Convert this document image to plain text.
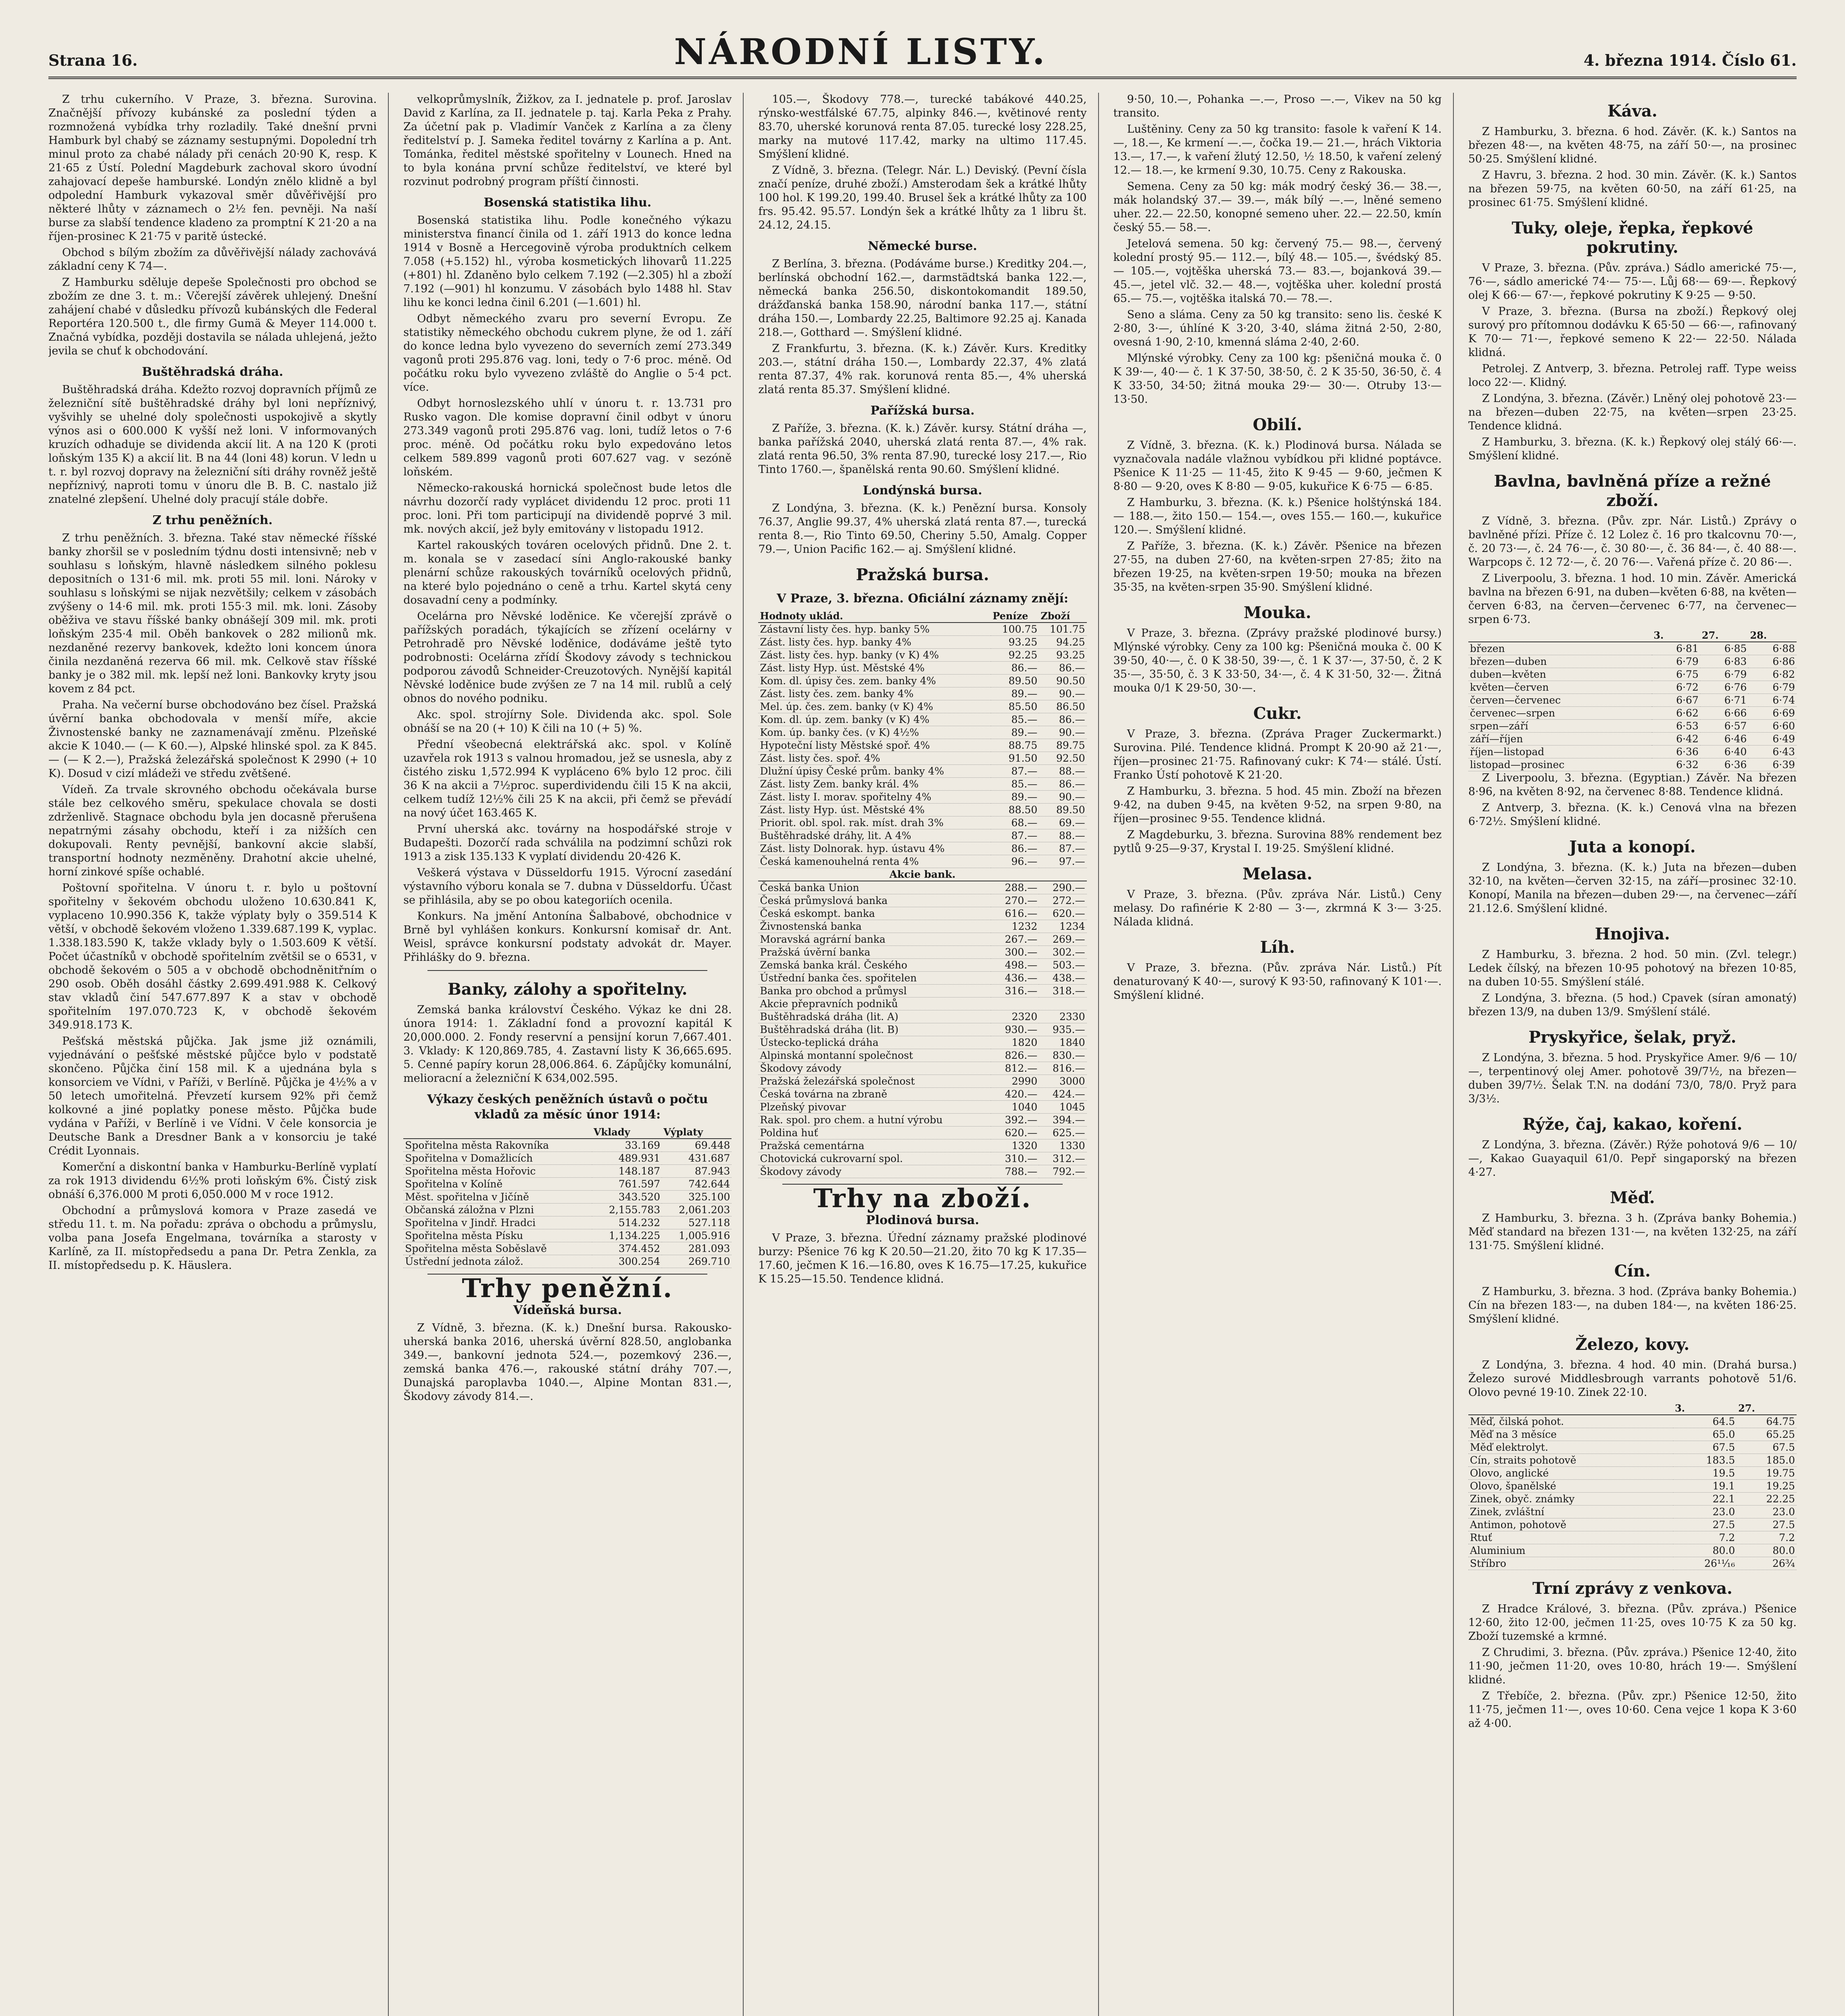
Strana 16.	NÁRODNÍ LISTY.	4. března 1914. Číslo 61.

Z trhu cukerního. V Praze, 3. března. Surovina. Značnější přívozy kubánské za poslední týden a rozmnožená vybídka trhy rozladily. Také dnešní prvni Hamburk byl chabý se záznamy sestupnými. Dopolední trh minul proto za chabé nálady při cenách 20·90 K, resp. K 21·65 z Ústí. Polední Magdeburk zachoval skoro úvodní zahajovací depeše hamburské. Londýn znělo klidně a byl odpolední Hamburk vykazoval směr důvěřivější pro některé lhůty v záznamech o 2½ fen. pevněji. Na naší burse za slabší tendence kladeno za promptní K 21·20 a na říjen-prosinec K 21·75 v paritě ústecké.

Obchod s bílým zbožím za důvěřivější nálady zachovává základní ceny K 74—.

Z Hamburku sděluje depeše Společnosti pro obchod se zbožím ze dne 3. t. m.: Včerejší závěrek uhlejený. Dnešní zahájení chabé v důsledku přívozů kubánských dle Federal Reportéra 120.500 t., dle firmy Gumä & Meyer 114.000 t. Značná vybídka, později dostavila se nálada uhlejená, ježto jevila se chuť k obchodování.

Buštěhradská dráha.

Buštěhradská dráha. Kdežto rozvoj dopravních příjmů ze železniční sítě buštěhradské dráhy byl loni nepříznivý, vyšvihly se uhelné doly společnosti uspokojivě a skytly výnos asi o 600.000 K vyšší než loni. V informovaných kruzích odhaduje se dividenda akcií lit. A na 120 K (proti loňským 135 K) a akcií lit. B na 44 (loni 48) korun. V ledn u t. r. byl rozvoj dopravy na železniční síti dráhy rovněž ještě nepříznivý, naproti tomu v únoru dle B. B. C. nastalo již znatelné zlepšení. Uhelné doly pracují stále dobře.

Z trhu peněžních.

Z trhu peněžních. 3. března. Také stav německé říšské banky zhoršil se v posledním týdnu dosti intensivně; neb v souhlasu s loňským, hlavně následkem silného poklesu depositních o 131·6 mil. mk. proti 55 mil. loni. Nároky v souhlasu s loňskými se nijak nezvětšily; celkem v zásobách zvýšeny o 14·6 mil. mk. proti 155·3 mil. mk. loni. Zásoby oběživa ve stavu říšské banky obnášejí 309 mil. mk. proti loňským 235·4 mil. Oběh bankovek o 282 milionů mk. nezdaněné rezervy bankovek, kdežto loni koncem února činila nezdaněná rezerva 66 mil. mk. Celkově stav říšské banky je o 382 mil. mk. lepší než loni. Bankovky kryty jsou kovem z 84 pct.

Praha. Na večerní burse obchodováno bez čísel. Pražská úvěrní banka obchodovala v menší míře, akcie Živnostenské banky ne zaznamenávají změnu. Plzeňské akcie K 1040.— (— K 60.—), Alpské hlinské spol. za K 845.— (— K 2.—), Pražská železářská společnost K 2990 (+ 10 K). Dosud v cizí mládeži ve středu zvětšené.

Vídeň. Za trvale skrovného obchodu očekávala burse stále bez celkového směru, spekulace chovala se dosti zdrženlivě. Stagnace obchodu byla jen docasně přerušena nepatrnými zásahy obchodu, kteří i za nižších cen dokupovali. Renty pevnější, bankovní akcie slabší, transportní hodnoty nezměněny. Drahotní akcie uhelné, horní zinkové spíše ochablé.

Poštovní spořitelna. V únoru t. r. bylo u poštovní spořitelny v šekovém obchodu uloženo 10.630.841 K, vyplaceno 10.990.356 K, takže výplaty byly o 359.514 K větší, v obchodě šekovém vloženo 1.339.687.199 K, vyplac. 1.338.183.590 K, takže vklady byly o 1.503.609 K větší. Počet účastníků v obchodě spořitelním zvětšil se o 6531, v obchodě šekovém o 505 a v obchodě obchodněnitřním o 290 osob. Oběh dosáhl částky 2.699.491.988 K. Celkový stav vkladů činí 547.677.897 K a stav v obchodě spořitelním 197.070.723 K, v obchodě šekovém 349.918.173 K.

Pešťská městská půjčka. Jak jsme již oznámili, vyjednávání o pešťské městské půjčce bylo v podstatě skončeno. Půjčka činí 158 mil. K a ujednána byla s konsorciem ve Vídni, v Paříži, v Berlíně. Půjčka je 4½% a v 50 letech umořitelná. Převzetí kursem 92% při čemž kolkovné a jiné poplatky ponese město. Půjčka bude vydána v Paříži, v Berlíně i ve Vídni. V čele konsorcia je Deutsche Bank a Dresdner Bank a v konsorciu je také Crédit Lyonnais.

Komerční a diskontní banka v Hamburku-Berlíně vyplatí za rok 1913 dividendu 6½% proti loňským 6%. Čistý zisk obnáší 6,376.000 M proti 6,050.000 M v roce 1912.

Obchodní a průmyslová komora v Praze zasedá ve středu 11. t. m. Na pořadu: zpráva o obchodu a průmyslu, volba pana Josefa Engelmana, továrníka a starosty v Karlíně, za II. místopředsedu a pana Dr. Petra Zenkla, za II. místopředsedu p. K. Häuslera.

velkoprůmyslník, Žižkov, za I. jednatele p. prof. Jaroslav David z Karlína, za II. jednatele p. taj. Karla Peka z Prahy. Za účetní pak p. Vladimír Vanček z Karlína a za členy ředitelství p. J. Sameka ředitel továrny z Karlína a p. Ant. Tománka, ředitel městské spořitelny v Lounech. Hned na to byla konána první schůze ředitelství, ve které byl rozvinut podrobný program příští činnosti.

Bosenská statistika lihu.

Bosenská statistika lihu. Podle konečného výkazu ministerstva financí činila od 1. září 1913 do konce ledna 1914 v Bosně a Hercegovině výroba produktních celkem 7.058 (+5.152) hl., výroba kosmetických lihovarů 11.225 (+801) hl. Zdaněno bylo celkem 7.192 (—2.305) hl a zboží 7.192 (—901) hl konzumu. V zásobách bylo 1488 hl. Stav lihu ke konci ledna činil 6.201 (—1.601) hl.

Odbyt německého zvaru pro severní Evropu. Ze statistiky německého obchodu cukrem plyne, že od 1. září do konce ledna bylo vyvezeno do severních zemí 273.349 vagonů proti 295.876 vag. loni, tedy o 7·6 proc. méně. Od počátku roku bylo vyvezeno zvláště do Anglie o 5·4 pct. více.

Odbyt hornoslezského uhlí v únoru t. r. 13.731 pro Rusko vagon. Dle komise dopravní činil odbyt v únoru 273.349 vagonů proti 295.876 vag. loni, tudíž letos o 7·6 proc. méně. Od počátku roku bylo expedováno letos celkem 589.899 vagonů proti 607.627 vag. v sezóně loňském.

Německo-rakouská hornická společnost bude letos dle návrhu dozorčí rady vyplácet dividendu 12 proc. proti 11 proc. loni. Při tom participují na dividendě poprvé 3 mil. mk. nových akcií, jež byly emitovány v listopadu 1912.

Kartel rakouských továren ocelových přidnů. Dne 2. t. m. konala se v zasedací síni Anglo-rakouské banky plenární schůze rakouských továrníků ocelových přidnů, na které bylo pojednáno o ceně a trhu. Kartel skytá ceny dosavadní ceny a podmínky.

Ocelárna pro Něvské loděnice. Ke včerejší zprávě o pařížských poradách, týkajících se zřízení ocelárny v Petrohradě pro Něvské loděnice, dodáváme ještě tyto podrobnosti: Ocelárna zřídí Škodovy závody s technickou podporou závodů Schneider-Creuzotových. Nynější kapitál Něvské loděnice bude zvýšen ze 7 na 14 mil. rublů a celý obnos do nového podniku.

Akc. spol. strojírny Sole. Dividenda akc. spol. Sole obnáší se na 20 (+ 10) K čili na 10 (+ 5) %.

Přední všeobecná elektrářská akc. spol. v Kolíně uzavřela rok 1913 s valnou hromadou, jež se usnesla, aby z čistého zisku 1,572.994 K vypláceno 6% bylo 12 proc. čili 36 K na akcii a 7½proc. superdividendu čili 15 K na akcii, celkem tudíž 12½% čili 25 K na akcii, při čemž se převádí na nový účet 163.465 K.

První uherská akc. továrny na hospodářské stroje v Budapešti. Dozorčí rada schválila na podzimní schůzi rok 1913 a zisk 135.133 K vyplatí dividendu 20·426 K.

Veškerá výstava v Düsseldorfu 1915. Výrocní zasedání výstavního výboru konala se 7. dubna v Düsseldorfu. Účast se přihlásila, aby se po obou kategoriích ocenila.

Konkurs. Na jmění Antonína Šalbabové, obchodnice v Brně byl vyhlášen konkurs. Konkursní komisař dr. Ant. Weisl, správce konkursní podstaty advokát dr. Mayer. Přihlášky do 9. března.

Banky, zálohy a spořitelny.

Zemská banka království Českého. Výkaz ke dni 28. února 1914: 1. Základní fond a provozní kapitál K 20,000.000. 2. Fondy reservní a pensijní korun 7,667.401. 3. Vklady: K 120,869.785, 4. Zastavní listy K 36,665.695. 5. Cenné papíry korun 28,006.864. 6. Zápůjčky komunální, melioracní a železniční K 634,002.595.

Výkazy českých peněžních ústavů o počtu vkladů za měsíc únor 1914:
	Vklady	Výplaty
Spořitelna města Rakovníka	33.169	69.448
Spořitelna v Domažlicích	489.931	431.687
Spořitelna města Hořovic	148.187	87.943
Spořitelna v Kolíně	761.597	742.644
Měst. spořitelna v Jičíně	343.520	325.100
Občanská záložna v Plzni	2,155.783	2,061.203
Spořitelna v Jindř. Hradci	514.232	527.118
Spořitelna města Písku	1,134.225	1,005.916
Spořitelna města Soběslavě	374.452	281.093
Ústřední jednota zálož.	300.254	269.710
Trhy peněžní.
Vídeňská bursa.

Z Vídně, 3. března. (K. k.) Dnešní bursa. Rakousko-uherská banka 2016, uherská úvěrní 828.50, anglobanka 349.—, bankovní jednota 524.—, pozemkový 236.—, zemská banka 476.—, rakouské státní dráhy 707.—, Dunajská paroplavba 1040.—, Alpine Montan 831.—, Škodovy závody 814.—.

105.—, Škodovy 778.—, turecké tabákové 440.25, rýnsko-westfálské 67.75, alpinky 846.—, květinové renty 83.70, uherské korunová renta 87.05. turecké losy 228.25, marky na mutové 117.42, marky na ultimo 117.45. Smýšlení klidné.

Z Vídně, 3. března. (Telegr. Nár. L.) Deviský. (Pevní čísla značí peníze, druhé zboží.) Amsterodam šek a krátké lhůty 100 hol. K 199.20, 199.40. Brusel šek a krátké lhůty za 100 frs. 95.42. 95.57. Londýn šek a krátké lhůty za 1 libru št. 24.12, 24.15.

Německé burse.

Z Berlína, 3. března. (Podáváme burse.) Kreditky 204.—, berlínská obchodní 162.—, darmstädtská banka 122.—, německá banka 256.50, diskontokomandit 189.50, drážďanská banka 158.90, národní banka 117.—, státní dráha 150.—, Lombardy 22.25, Baltimore 92.25 aj. Kanada 218.—, Gotthard —. Smýšlení klidné.

Z Frankfurtu, 3. března. (K. k.) Závěr. Kurs. Kreditky 203.—, státní dráha 150.—, Lombardy 22.37, 4% zlatá renta 87.37, 4% rak. korunová renta 85.—, 4% uherská zlatá renta 85.37. Smýšlení klidné.

Pařížská bursa.

Z Paříže, 3. března. (K. k.) Závěr. kursy. Státní dráha —, banka pařížská 2040, uherská zlatá renta 87.—, 4% rak. zlatá renta 96.50, 3% renta 87.90, turecké losy 217.—, Rio Tinto 1760.—, španělská renta 90.60. Smýšlení klidné.

Londýnská bursa.

Z Londýna, 3. března. (K. k.) Penězní bursa. Konsoly 76.37, Anglie 99.37, 4% uherská zlatá renta 87.—, turecká renta 8.—, Rio Tinto 69.50, Cheriny 5.50, Amalg. Copper 79.—, Union Pacific 162.— aj. Smýšlení klidné.

Pražská bursa.
V Praze, 3. března. Oficiální záznamy znějí:
Hodnoty uklád.	Peníze	Zboží
Zástavní listy čes. hyp. banky 5%	100.75	101.75
Zást. listy čes. hyp. banky 4%	93.25	94.25
Zást. listy čes. hyp. banky (v K) 4%	92.25	93.25
Zást. listy Hyp. úst. Městské 4%	86.—	86.—
Kom. dl. úpisy čes. zem. banky 4%	89.50	90.50
Zást. listy čes. zem. banky 4%	89.—	90.—
Mel. úp. čes. zem. banky (v K) 4%	85.50	86.50
Kom. dl. úp. zem. banky (v K) 4%	85.—	86.—
Kom. úp. banky čes. (v K) 4½%	89.—	90.—
Hypoteční listy Městské spoř. 4%	88.75	89.75
Zást. listy čes. spoř. 4%	91.50	92.50
Dlužní úpisy České prům. banky 4%	87.—	88.—
Zást. listy Zem. banky král. 4%	85.—	86.—
Zást. listy I. morav. spořitelny 4%	89.—	90.—
Zást. listy Hyp. úst. Městské 4%	88.50	89.50
Priorit. obl. spol. rak. míst. drah 3%	68.—	69.—
Buštěhradské dráhy, lit. A 4%	87.—	88.—
Zást. listy Dolnorak. hyp. ústavu 4%	86.—	87.—
Česká kamenouhelná renta 4%	96.—	97.—
Akcie bank.		
Česká banka Union	288.—	290.—
Česká průmyslová banka	270.—	272.—
Česká eskompt. banka	616.—	620.—
Živnostenská banka	1232	1234
Moravská agrární banka	267.—	269.—
Pražská úvěrní banka	300.—	302.—
Zemská banka král. Českého	498.—	503.—
Ústřední banka čes. spořitelen	436.—	438.—
Banka pro obchod a průmysl	316.—	318.—
Akcie přepravních podniků		
Buštěhradská dráha (lit. A)	2320	2330
Buštěhradská dráha (lit. B)	930.—	935.—
Ústecko-teplická dráha	1820	1840
Alpinská montanní společnost	826.—	830.—
Škodovy závody	812.—	816.—
Pražská železářská společnost	2990	3000
Česká továrna na zbraně	420.—	424.—
Plzeňský pivovar	1040	1045
Rak. spol. pro chem. a hutní výrobu	392.—	394.—
Poldina huť	620.—	625.—
Pražská cementárna	1320	1330
Chotovická cukrovarní spol.	310.—	312.—
Škodovy závody	788.—	792.—
Trhy na zboží.
Plodinová bursa.

V Praze, 3. března. Úřední záznamy pražské plodinové burzy: Pšenice 76 kg K 20.50—21.20, žito 70 kg K 17.35—17.60, ječmen K 16.—16.80, oves K 16.75—17.25, kukuřice K 15.25—15.50. Tendence klidná.

9·50, 10.—, Pohanka —.—, Proso —.—, Vikev na 50 kg transito.

Luštěniny. Ceny za 50 kg transito: fasole k vaření K 14.—, 18.—, Ke krmení —.—, čočka 19.— 21.—, hrách Viktoria 13.—, 17.—, k vaření žlutý 12.50, ½ 18.50, k vaření zelený 12.— 18.—, ke krmení 9.30, 10.75. Ceny z Rakouska.

Semena. Ceny za 50 kg: mák modrý český 36.— 38.—, mák holandský 37.— 39.—, mák bílý —.—, lněné semeno uher. 22.— 22.50, konopné semeno uher. 22.— 22.50, kmín český 55.— 58.—.

Jetelová semena. 50 kg: červený 75.— 98.—, červený kolední prostý 95.— 112.—, bílý 48.— 105.—, švédský 85.— 105.—, vojtěška uherská 73.— 83.—, bojanková 39.— 45.—, jetel vlč. 32.— 48.—, vojtěška uher. kolední prostá 65.— 75.—, vojtěška italská 70.— 78.—.

Seno a sláma. Ceny za 50 kg transito: seno lis. české K 2·80, 3·—, úhlíné K 3·20, 3·40, sláma žitná 2·50, 2·80, ovesná 1·90, 2·10, kmenná sláma 2·40, 2·60.

Mlýnské výrobky. Ceny za 100 kg: pšeničná mouka č. 0 K 39·—, 40·— č. 1 K 37·50, 38·50, č. 2 K 35·50, 36·50, č. 4 K 33·50, 34·50; žitná mouka 29·— 30·—. Otruby 13·— 13·50.

Obilí.

Z Vídně, 3. března. (K. k.) Plodinová bursa. Nálada se vyznačovala nadále vlažnou vybídkou při klidné poptávce. Pšenice K 11·25 — 11·45, žito K 9·45 — 9·60, ječmen K 8·80 — 9·20, oves K 8·80 — 9·05, kukuřice K 6·75 — 6·85.

Z Hamburku, 3. března. (K. k.) Pšenice holštýnská 184.— 188.—, žito 150.— 154.—, oves 155.— 160.—, kukuřice 120.—. Smýšlení klidné.

Z Paříže, 3. března. (K. k.) Závěr. Pšenice na březen 27·55, na duben 27·60, na květen-srpen 27·85; žito na březen 19·25, na květen-srpen 19·50; mouka na březen 35·35, na květen-srpen 35·90. Smýšlení klidné.

Mouka.

V Praze, 3. března. (Zprávy pražské plodinové bursy.) Mlýnské výrobky. Ceny za 100 kg: Pšeničná mouka č. 00 K 39·50, 40·—, č. 0 K 38·50, 39·—, č. 1 K 37·—, 37·50, č. 2 K 35·—, 35·50, č. 3 K 33·50, 34·—, č. 4 K 31·50, 32·—. Žitná mouka 0/1 K 29·50, 30·—.

Cukr.

V Praze, 3. března. (Zpráva Prager Zuckermarkt.) Surovina. Pilé. Tendence klidná. Prompt K 20·90 až 21·—, říjen—prosinec 21·75. Rafinovaný cukr: K 74·— stálé. Ústí. Franko Ústí pohotově K 21·20.

Z Hamburku, 3. března. 5 hod. 45 min. Zboží na březen 9·42, na duben 9·45, na květen 9·52, na srpen 9·80, na říjen—prosinec 9·55. Tendence klidná.

Z Magdeburku, 3. března. Surovina 88% rendement bez pytlů 9·25—9·37, Krystal I. 19·25. Smýšlení klidné.

Melasa.

V Praze, 3. března. (Pův. zpráva Nár. Listů.) Ceny melasy. Do rafinérie K 2·80 — 3·—, zkrmná K 3·— 3·25. Nálada klidná.

Líh.

V Praze, 3. března. (Pův. zpráva Nár. Listů.) Pít denaturovaný K 40·—, surový K 93·50, rafinovaný K 101·—. Smýšlení klidné.

Káva.

Z Hamburku, 3. března. 6 hod. Závěr. (K. k.) Santos na březen 48·—, na květen 48·75, na září 50·—, na prosinec 50·25. Smýšlení klidné.

Z Havru, 3. března. 2 hod. 30 min. Závěr. (K. k.) Santos na březen 59·75, na květen 60·50, na září 61·25, na prosinec 61·75. Smýšlení klidné.

Tuky, oleje, řepka, řepkové pokrutiny.

V Praze, 3. března. (Pův. zpráva.) Sádlo americké 75·—, 76·—, sádlo americké 74·— 75·—. Lůj 68·— 69·—. Řepkový olej K 66·— 67·—, řepkové pokrutiny K 9·25 — 9·50.

V Praze, 3. března. (Bursa na zboží.) Řepkový olej surový pro přítomnou dodávku K 65·50 — 66·—, rafinovaný K 70·— 71·—, řepkové semeno K 22·— 22·50. Nálada klidná.

Petrolej. Z Antverp, 3. března. Petrolej raff. Type weiss loco 22·—. Klidný.

Z Londýna, 3. března. (Závěr.) Lněný olej pohotově 23·— na březen—duben 22·75, na květen—srpen 23·25. Tendence klidná.

Z Hamburku, 3. března. (K. k.) Řepkový olej stálý 66·—. Smýšlení klidné.

Bavlna, bavlněná příze a režné zboží.

Z Vídně, 3. března. (Pův. zpr. Nár. Listů.) Zprávy o bavlněné přízi. Příze č. 12 Lolez č. 16 pro tkalcovnu 70·—, č. 20 73·—, č. 24 76·—, č. 30 80·—, č. 36 84·—, č. 40 88·—. Warpcops č. 12 72·—, č. 20 76·—. Vařená příze č. 20 86·—.

Z Liverpoolu, 3. března. 1 hod. 10 min. Závěr. Americká bavlna na březen 6·91, na duben—květen 6·88, na květen—červen 6·83, na červen—červenec 6·77, na červenec—srpen 6·73.

	3.	27.	28.
březen	6·81	6·85	6·88
březen—duben	6·79	6·83	6·86
duben—květen	6·75	6·79	6·82
květen—červen	6·72	6·76	6·79
červen—červenec	6·67	6·71	6·74
červenec—srpen	6·62	6·66	6·69
srpen—září	6·53	6·57	6·60
září—říjen	6·42	6·46	6·49
říjen—listopad	6·36	6·40	6·43
listopad—prosinec	6·32	6·36	6·39

Z Liverpoolu, 3. března. (Egyptian.) Závěr. Na březen 8·96, na květen 8·92, na červenec 8·88. Tendence klidná.

Z Antverp, 3. března. (K. k.) Cenová vlna na březen 6·72½. Smýšlení klidné.

Juta a konopí.

Z Londýna, 3. března. (K. k.) Juta na březen—duben 32·10, na květen—červen 32·15, na září—prosinec 32·10. Konopí, Manila na březen—duben 29·—, na červenec—září 21.12.6. Smýšlení klidné.

Hnojiva.

Z Hamburku, 3. března. 2 hod. 50 min. (Zvl. telegr.) Ledek čílský, na březen 10·95 pohotový na březen 10·85, na duben 10·55. Smýšlení stálé.

Z Londýna, 3. března. (5 hod.) Cpavek (síran amonatý) březen 13/9, na duben 13/9. Smýšlení stálé.

Pryskyřice, šelak, pryž.

Z Londýna, 3. března. 5 hod. Pryskyřice Amer. 9/6 — 10/—, terpentinový olej Amer. pohotově 39/7½, na březen—duben 39/7½. Šelak T.N. na dodání 73/0, 78/0. Pryž para 3/3½.

Rýže, čaj, kakao, koření.

Z Londýna, 3. března. (Závěr.) Rýže pohotová 9/6 — 10/—, Kakao Guayaquil 61/0. Pepř singaporský na březen 4·27.

Měď.

Z Hamburku, 3. března. 3 h. (Zpráva banky Bohemia.) Měď standard na březen 131·—, na květen 132·25, na září 131·75. Smýšlení klidné.

Cín.

Z Hamburku, 3. března. 3 hod. (Zpráva banky Bohemia.) Cín na březen 183·—, na duben 184·—, na květen 186·25. Smýšlení klidné.

Železo, kovy.

Z Londýna, 3. března. 4 hod. 40 min. (Drahá bursa.) Železo surové Middlesbrough varrants pohotově 51/6. Olovo pevné 19·10. Zinek 22·10.

	3.	27.
Měď, čilská pohot.	64.5	64.75
Měď na 3 měsíce	65.0	65.25
Měď elektrolyt.	67.5	67.5
Cín, straits pohotově	183.5	185.0
Olovo, anglické	19.5	19.75
Olovo, španělské	19.1	19.25
Zinek, obyč. známky	22.1	22.25
Zinek, zvláštní	23.0	23.0
Antimon, pohotově	27.5	27.5
Rtuť	7.2	7.2
Aluminium	80.0	80.0
Stříbro	26¹¹⁄₁₆	26¾
Trní zprávy z venkova.

Z Hradce Králové, 3. března. (Pův. zpráva.) Pšenice 12·60, žito 12·00, ječmen 11·25, oves 10·75 K za 50 kg. Zboží tuzemské a krmné.

Z Chrudimi, 3. března. (Pův. zpráva.) Pšenice 12·40, žito 11·90, ječmen 11·20, oves 10·80, hrách 19·—. Smýšlení klidné.

Z Třebíče, 2. března. (Pův. zpr.) Pšenice 12·50, žito 11·75, ječmen 11·—, oves 10·60. Cena vejce 1 kopa K 3·60 až 4·00.
